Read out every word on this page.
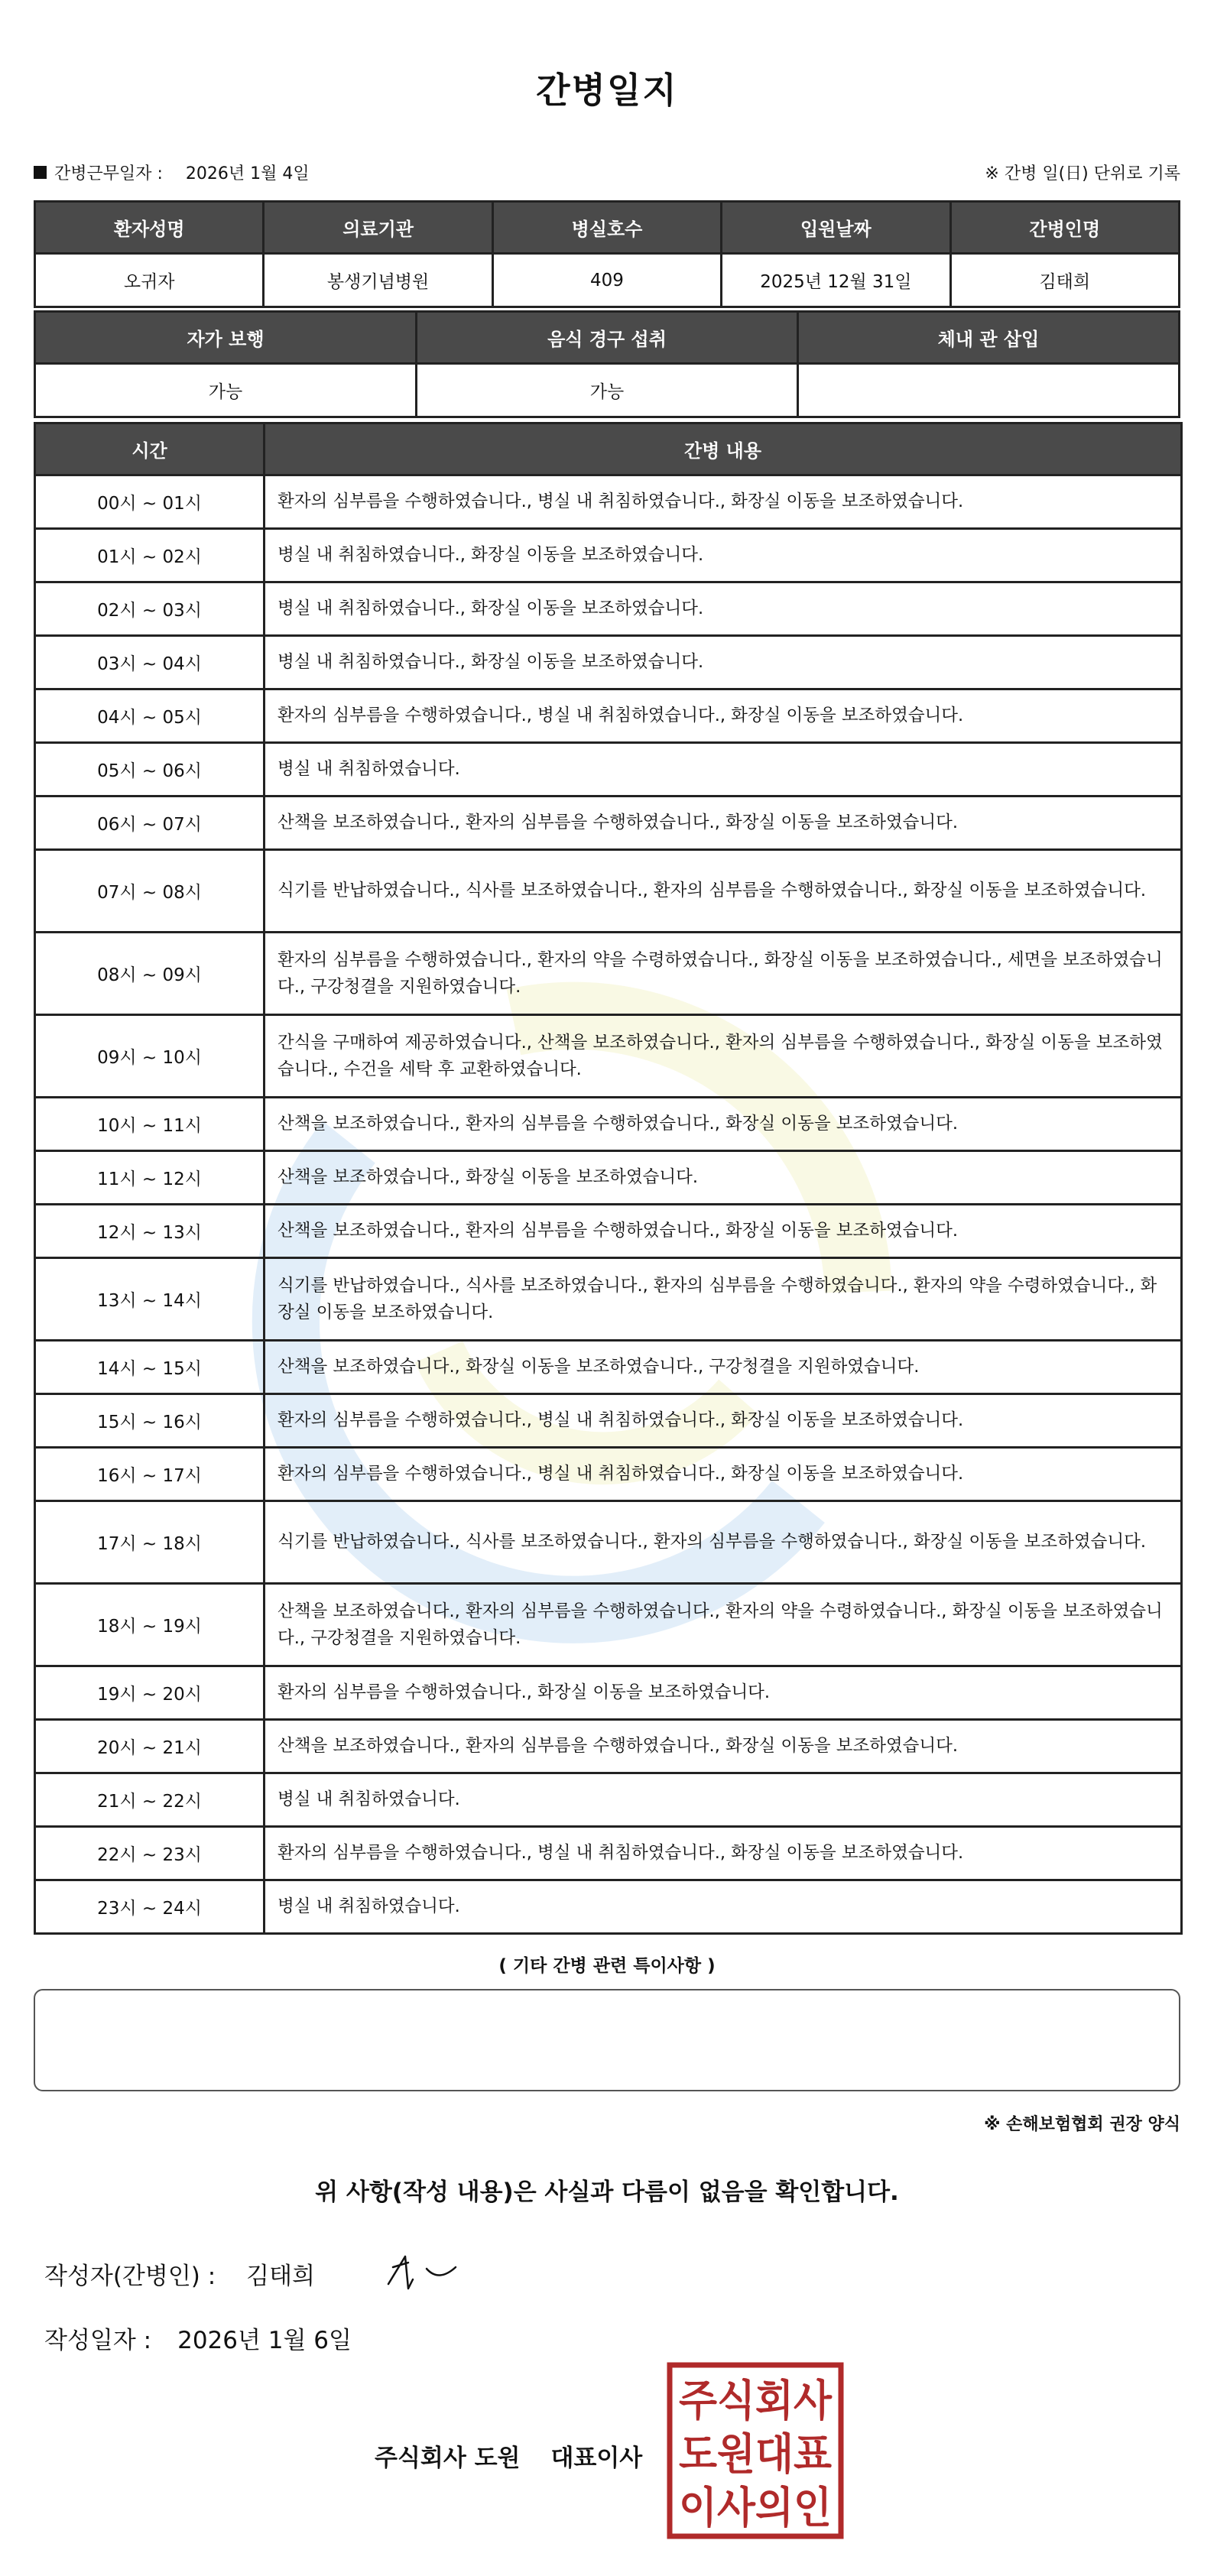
간병일지
간병근무일자 : 2026년 1월 4일	※ 간병 일(日) 단위로 기록
환자성명	의료기관	병실호수	입원날짜	간병인명
오귀자	봉생기념병원	409	2025년 12월 31일	김태희
자가 보행	음식 경구 섭취	체내 관 삽입
가능	가능	
시간	간병 내용
00시 ~ 01시	환자의 심부름을 수행하였습니다., 병실 내 취침하였습니다., 화장실 이동을 보조하였습니다.
01시 ~ 02시	병실 내 취침하였습니다., 화장실 이동을 보조하였습니다.
02시 ~ 03시	병실 내 취침하였습니다., 화장실 이동을 보조하였습니다.
03시 ~ 04시	병실 내 취침하였습니다., 화장실 이동을 보조하였습니다.
04시 ~ 05시	환자의 심부름을 수행하였습니다., 병실 내 취침하였습니다., 화장실 이동을 보조하였습니다.
05시 ~ 06시	병실 내 취침하였습니다.
06시 ~ 07시	산책을 보조하였습니다., 환자의 심부름을 수행하였습니다., 화장실 이동을 보조하였습니다.
07시 ~ 08시	식기를 반납하였습니다., 식사를 보조하였습니다., 환자의 심부름을 수행하였습니다., 화장실 이동을 보조하였습니다.
08시 ~ 09시	환자의 심부름을 수행하였습니다., 환자의 약을 수령하였습니다., 화장실 이동을 보조하였습니다., 세면을 보조하였습니다., 구강청결을 지원하였습니다.
09시 ~ 10시	간식을 구매하여 제공하였습니다., 산책을 보조하였습니다., 환자의 심부름을 수행하였습니다., 화장실 이동을 보조하였습니다., 수건을 세탁 후 교환하였습니다.
10시 ~ 11시	산책을 보조하였습니다., 환자의 심부름을 수행하였습니다., 화장실 이동을 보조하였습니다.
11시 ~ 12시	산책을 보조하였습니다., 화장실 이동을 보조하였습니다.
12시 ~ 13시	산책을 보조하였습니다., 환자의 심부름을 수행하였습니다., 화장실 이동을 보조하였습니다.
13시 ~ 14시	식기를 반납하였습니다., 식사를 보조하였습니다., 환자의 심부름을 수행하였습니다., 환자의 약을 수령하였습니다., 화장실 이동을 보조하였습니다.
14시 ~ 15시	산책을 보조하였습니다., 화장실 이동을 보조하였습니다., 구강청결을 지원하였습니다.
15시 ~ 16시	환자의 심부름을 수행하였습니다., 병실 내 취침하였습니다., 화장실 이동을 보조하였습니다.
16시 ~ 17시	환자의 심부름을 수행하였습니다., 병실 내 취침하였습니다., 화장실 이동을 보조하였습니다.
17시 ~ 18시	식기를 반납하였습니다., 식사를 보조하였습니다., 환자의 심부름을 수행하였습니다., 화장실 이동을 보조하였습니다.
18시 ~ 19시	산책을 보조하였습니다., 환자의 심부름을 수행하였습니다., 환자의 약을 수령하였습니다., 화장실 이동을 보조하였습니다., 구강청결을 지원하였습니다.
19시 ~ 20시	환자의 심부름을 수행하였습니다., 화장실 이동을 보조하였습니다.
20시 ~ 21시	산책을 보조하였습니다., 환자의 심부름을 수행하였습니다., 화장실 이동을 보조하였습니다.
21시 ~ 22시	병실 내 취침하였습니다.
22시 ~ 23시	환자의 심부름을 수행하였습니다., 병실 내 취침하였습니다., 화장실 이동을 보조하였습니다.
23시 ~ 24시	병실 내 취침하였습니다.
( 기타 간병 관련 특이사항 )
※ 손해보험협회 권장 양식
위 사항(작성 내용)은 사실과 다름이 없음을 확인합니다.
작성자(간병인) : 김태희
작성일자 : 2026년 1월 6일
주식회사 도원 대표이사
주식회사
도원대표
이사의인
